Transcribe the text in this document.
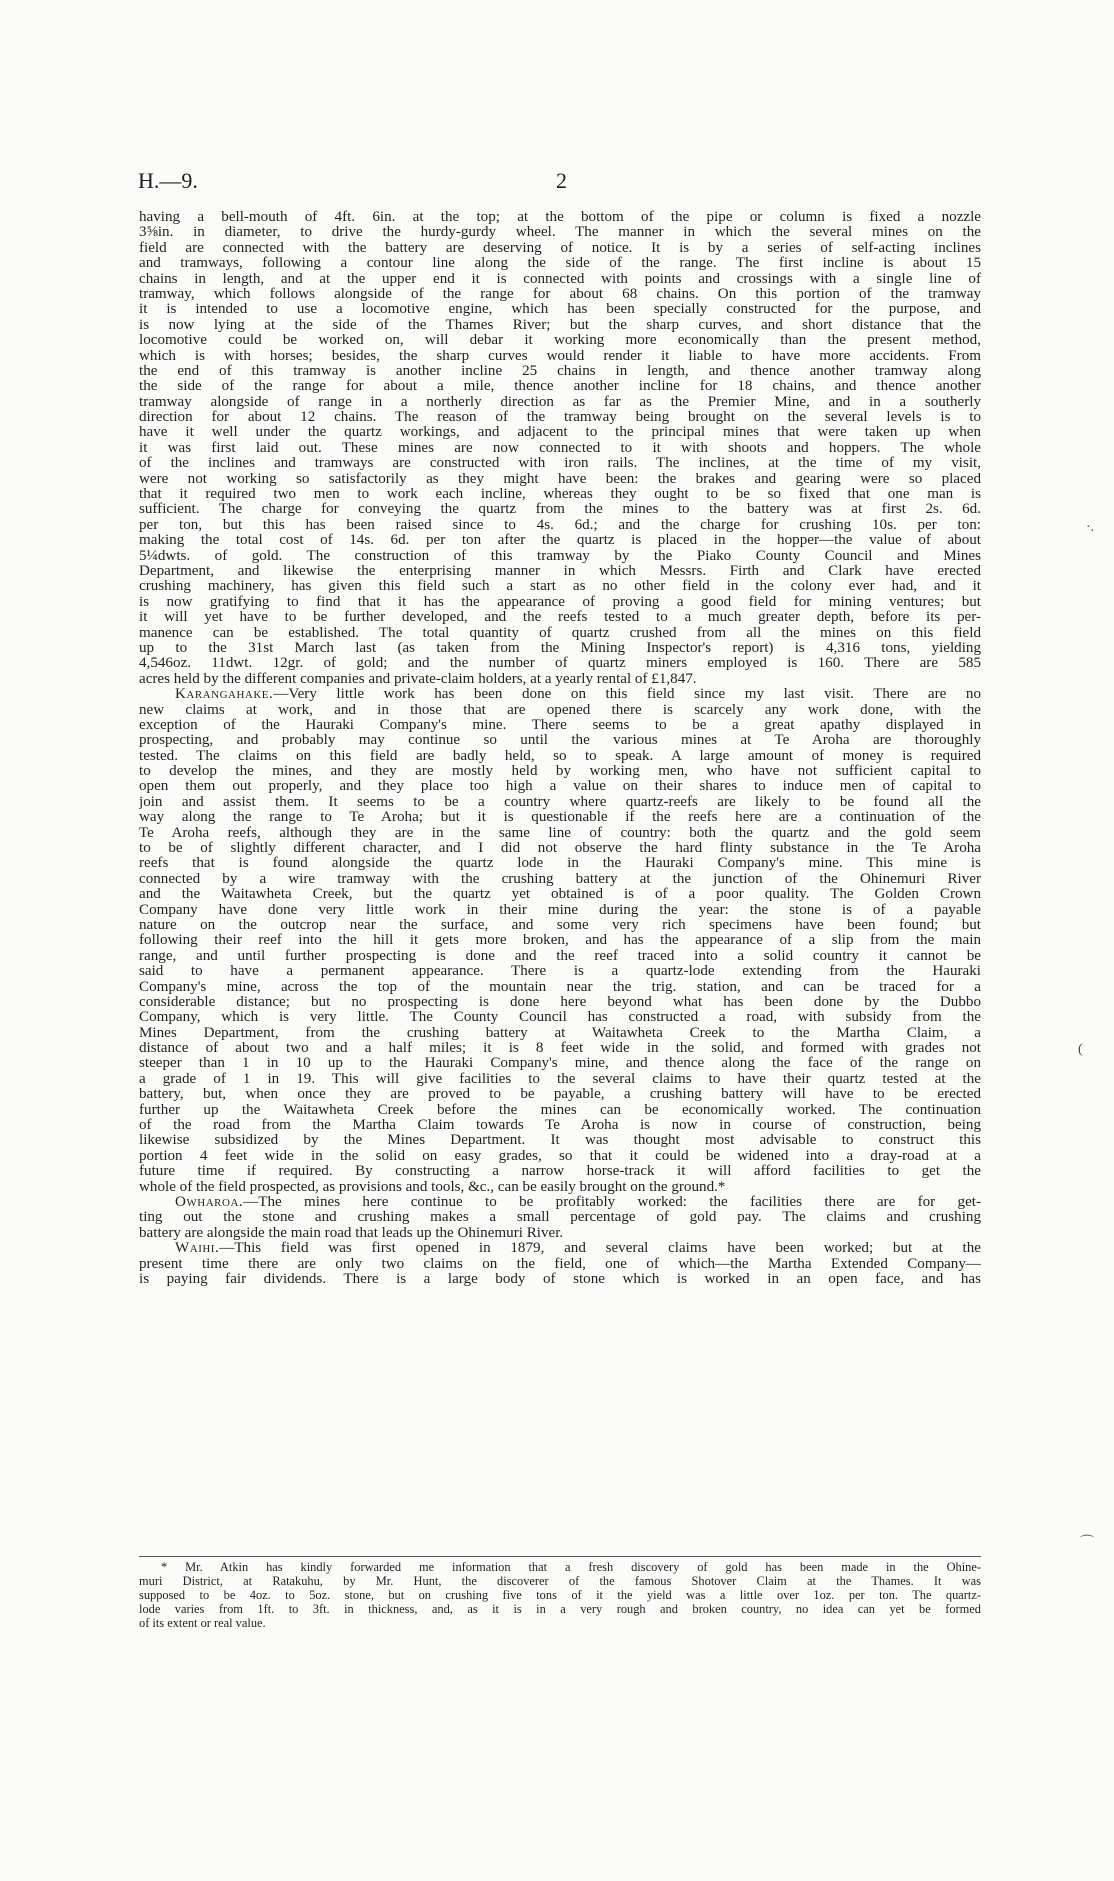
H.—9.	2
having a bell-mouth of 4ft. 6in. at the top; at the bottom of the pipe or column is fixed a nozzle
3⅝in. in diameter, to drive the hurdy-gurdy wheel. The manner in which the several mines on the
field are connected with the battery are deserving of notice. It is by a series of self-acting inclines
and tramways, following a contour line along the side of the range. The first incline is about 15
chains in length, and at the upper end it is connected with points and crossings with a single line of
tramway, which follows alongside of the range for about 68 chains. On this portion of the tramway
it is intended to use a locomotive engine, which has been specially constructed for the purpose, and
is now lying at the side of the Thames River; but the sharp curves, and short distance that the
locomotive could be worked on, will debar it working more economically than the present method,
which is with horses; besides, the sharp curves would render it liable to have more accidents. From
the end of this tramway is another incline 25 chains in length, and thence another tramway along
the side of the range for about a mile, thence another incline for 18 chains, and thence another
tramway alongside of range in a northerly direction as far as the Premier Mine, and in a southerly
direction for about 12 chains. The reason of the tramway being brought on the several levels is to
have it well under the quartz workings, and adjacent to the principal mines that were taken up when
it was first laid out. These mines are now connected to it with shoots and hoppers. The whole
of the inclines and tramways are constructed with iron rails. The inclines, at the time of my visit,
were not working so satisfactorily as they might have been: the brakes and gearing were so placed
that it required two men to work each incline, whereas they ought to be so fixed that one man is
sufficient. The charge for conveying the quartz from the mines to the battery was at first 2s. 6d.
per ton, but this has been raised since to 4s. 6d.; and the charge for crushing 10s. per ton:
making the total cost of 14s. 6d. per ton after the quartz is placed in the hopper—the value of about
5¼dwts. of gold. The construction of this tramway by the Piako County Council and Mines
Department, and likewise the enterprising manner in which Messrs. Firth and Clark have erected
crushing machinery, has given this field such a start as no other field in the colony ever had, and it
is now gratifying to find that it has the appearance of proving a good field for mining ventures; but
it will yet have to be further developed, and the reefs tested to a much greater depth, before its per-
manence can be established. The total quantity of quartz crushed from all the mines on this field
up to the 31st March last (as taken from the Mining Inspector's report) is 4,316 tons, yielding
4,546oz. 11dwt. 12gr. of gold; and the number of quartz miners employed is 160. There are 585
acres held by the different companies and private-claim holders, at a yearly rental of £1,847.
Karangahake.—Very little work has been done on this field since my last visit. There are no
new claims at work, and in those that are opened there is scarcely any work done, with the
exception of the Hauraki Company's mine. There seems to be a great apathy displayed in
prospecting, and probably may continue so until the various mines at Te Aroha are thoroughly
tested. The claims on this field are badly held, so to speak. A large amount of money is required
to develop the mines, and they are mostly held by working men, who have not sufficient capital to
open them out properly, and they place too high a value on their shares to induce men of capital to
join and assist them. It seems to be a country where quartz-reefs are likely to be found all the
way along the range to Te Aroha; but it is questionable if the reefs here are a continuation of the
Te Aroha reefs, although they are in the same line of country: both the quartz and the gold seem
to be of slightly different character, and I did not observe the hard flinty substance in the Te Aroha
reefs that is found alongside the quartz lode in the Hauraki Company's mine. This mine is
connected by a wire tramway with the crushing battery at the junction of the Ohinemuri River
and the Waitawheta Creek, but the quartz yet obtained is of a poor quality. The Golden Crown
Company have done very little work in their mine during the year: the stone is of a payable
nature on the outcrop near the surface, and some very rich specimens have been found; but
following their reef into the hill it gets more broken, and has the appearance of a slip from the main
range, and until further prospecting is done and the reef traced into a solid country it cannot be
said to have a permanent appearance. There is a quartz-lode extending from the Hauraki
Company's mine, across the top of the mountain near the trig. station, and can be traced for a
considerable distance; but no prospecting is done here beyond what has been done by the Dubbo
Company, which is very little. The County Council has constructed a road, with subsidy from the
Mines Department, from the crushing battery at Waitawheta Creek to the Martha Claim, a
distance of about two and a half miles; it is 8 feet wide in the solid, and formed with grades not
steeper than 1 in 10 up to the Hauraki Company's mine, and thence along the face of the range on
a grade of 1 in 19. This will give facilities to the several claims to have their quartz tested at the
battery, but, when once they are proved to be payable, a crushing battery will have to be erected
further up the Waitawheta Creek before the mines can be economically worked. The continuation
of the road from the Martha Claim towards Te Aroha is now in course of construction, being
likewise subsidized by the Mines Department. It was thought most advisable to construct this
portion 4 feet wide in the solid on easy grades, so that it could be widened into a dray-road at a
future time if required. By constructing a narrow horse-track it will afford facilities to get the
whole of the field prospected, as provisions and tools, &c., can be easily brought on the ground.*
Owharoa.—The mines here continue to be profitably worked: the facilities there are for get-
ting out the stone and crushing makes a small percentage of gold pay. The claims and crushing
battery are alongside the main road that leads up the Ohinemuri River.
Waihi.—This field was first opened in 1879, and several claims have been worked; but at the
present time there are only two claims on the field, one of which—the Martha Extended Company—
is paying fair dividends. There is a large body of stone which is worked in an open face, and has
* Mr. Atkin has kindly forwarded me information that a fresh discovery of gold has been made in the Ohine-
muri District, at Ratakuhu, by Mr. Hunt, the discoverer of the famous Shotover Claim at the Thames. It was
supposed to be 4oz. to 5oz. stone, but on crushing five tons of it the yield was a little over 1oz. per ton. The quartz-
lode varies from 1ft. to 3ft. in thickness, and, as it is in a very rough and broken country, no idea can yet be formed
of its extent or real value.
·.
(
⌒
